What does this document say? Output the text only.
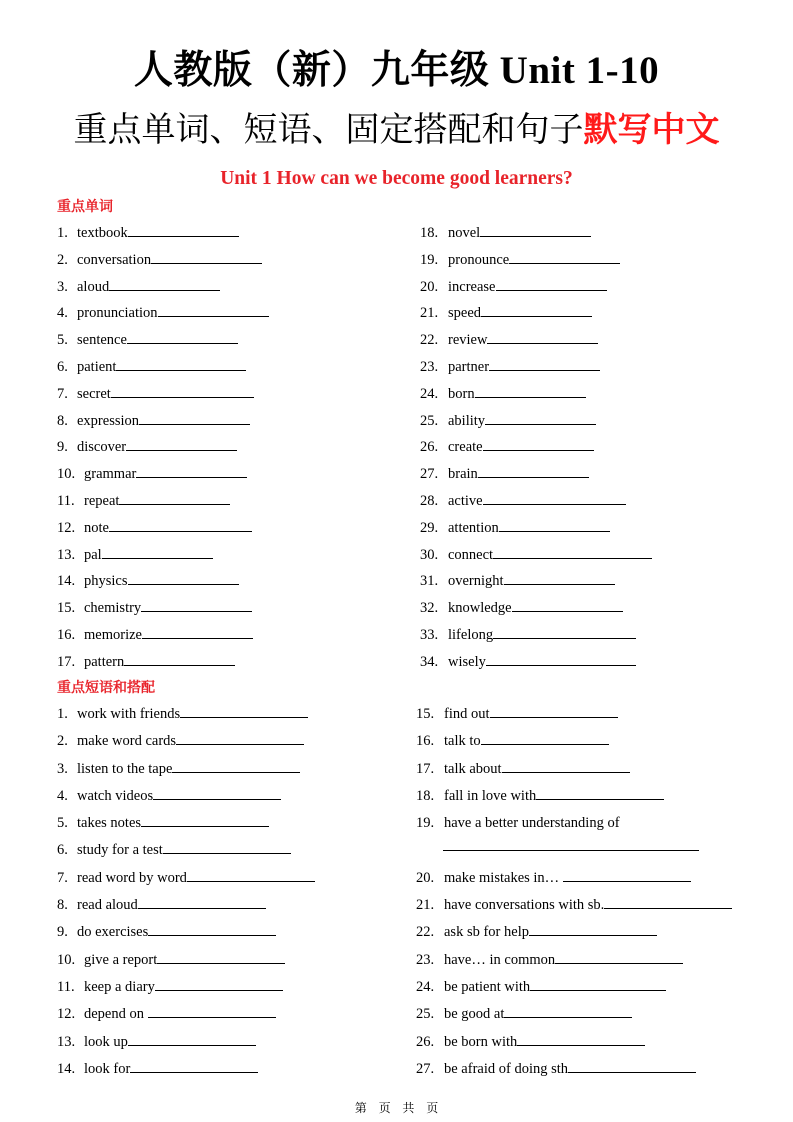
人教版（新）九年级 Unit 1-10
重点单词、短语、固定搭配和句子默写中文
Unit 1 How can we become good learners?
重点单词
1. textbook
2. conversation
3. aloud
4. pronunciation
5. sentence
6. patient
7. secret
8. expression
9. discover
10. grammar
11. repeat
12. note
13. pal
14. physics
15. chemistry
16. memorize
17. pattern
18. novel
19. pronounce
20. increase
21. speed
22. review
23. partner
24. born
25. ability
26. create
27. brain
28. active
29. attention
30. connect
31. overnight
32. knowledge
33. lifelong
34. wisely
重点短语和搭配
1. work with friends
2. make word cards
3. listen to the tape
4. watch videos
5. takes notes
6. study for a test
7. read word by word
8. read aloud
9. do exercises
10. give a report
11. keep a diary
12. depend on
13. look up
14. look for
15. find out
16. talk to
17. talk about
18. fall in love with
19. have a better understanding of
20. make mistakes in…
21. have conversations with sb.
22. ask sb for help
23. have… in common
24. be patient with
25. be good at
26. be born with
27. be afraid of doing sth
第 页 共 页
